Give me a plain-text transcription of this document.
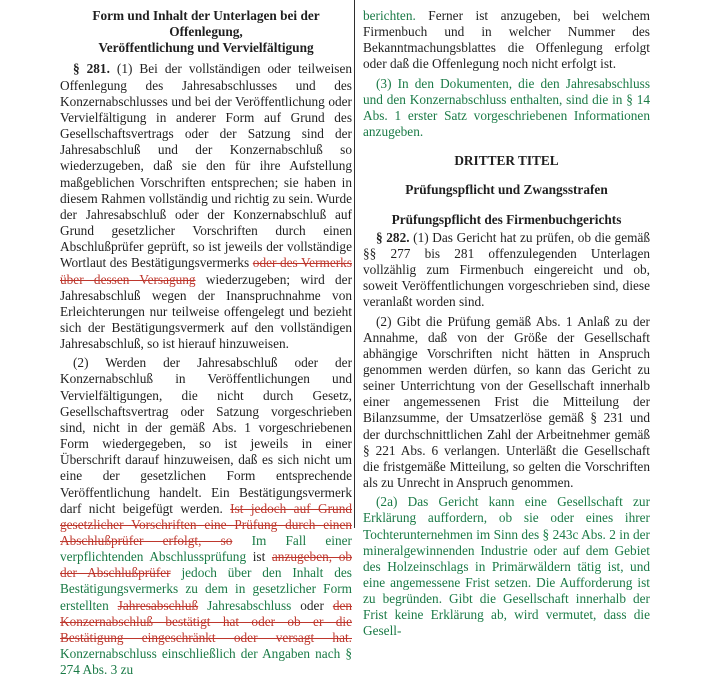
Form und Inhalt der Unterlagen bei der Offenlegung,
Veröffentlichung und Vervielfältigung

§ 281. (1) Bei der vollständigen oder teilweisen Offenlegung des Jahresabschlusses und des Konzernabschlusses und bei der Veröffentlichung oder Vervielfältigung in anderer Form auf Grund des Gesellschaftsvertrags oder der Satzung sind der Jahresabschluß und der Konzernabschluß so wiederzugeben, daß sie den für ihre Aufstellung maßgeblichen Vorschriften entsprechen; sie haben in diesem Rahmen vollständig und richtig zu sein. Wurde der Jahresabschluß oder der Konzernabschluß auf Grund gesetzlicher Vorschriften durch einen Abschlußprüfer geprüft, so ist jeweils der vollständige Wortlaut des Bestätigungsvermerks oder des Vermerks über dessen Versagung wiederzugeben; wird der Jahresabschluß wegen der Inanspruchnahme von Erleichterungen nur teilweise offengelegt und bezieht sich der Bestätigungsvermerk auf den vollständigen Jahresabschluß, so ist hierauf hinzuweisen.

(2) Werden der Jahresabschluß oder der Konzernabschluß in Veröffentlichungen und Vervielfältigungen, die nicht durch Gesetz, Gesellschaftsvertrag oder Satzung vorgeschrieben sind, nicht in der gemäß Abs. 1 vorgeschriebenen Form wiedergegeben, so ist jeweils in einer Überschrift darauf hinzuweisen, daß es sich nicht um eine der gesetzlichen Form entsprechende Veröffentlichung handelt. Ein Bestätigungsvermerk darf nicht beigefügt werden. Ist jedoch auf Grund gesetzlicher Vorschriften eine Prüfung durch einen Abschlußprüfer erfolgt, so Im Fall einer verpflichtenden Abschlussprüfung ist anzugeben, ob der Abschlußprüfer jedoch über den Inhalt des Bestätigungsvermerks zu dem in gesetzlicher Form erstellten Jahresabschluß Jahresabschluss oder den Konzernabschluß bestätigt hat oder ob er die Bestätigung eingeschränkt oder versagt hat. Konzernabschluss einschließlich der Angaben nach § 274 Abs. 3 zu

berichten. Ferner ist anzugeben, bei welchem Firmenbuch und in welcher Nummer des Bekanntmachungsblattes die Offenlegung erfolgt oder daß die Offenlegung noch nicht erfolgt ist.

(3) In den Dokumenten, die den Jahresabschluss und den Konzernabschluss enthalten, sind die in § 14 Abs. 1 erster Satz vorgeschriebenen Informationen anzugeben.

DRITTER TITEL
Prüfungspflicht und Zwangsstrafen
Prüfungspflicht des Firmenbuchgerichts

§ 282. (1) Das Gericht hat zu prüfen, ob die gemäß §§ 277 bis 281 offenzulegenden Unterlagen vollzählig zum Firmenbuch eingereicht und ob, soweit Veröffentlichungen vorgeschrieben sind, diese veranlaßt worden sind.

(2) Gibt die Prüfung gemäß Abs. 1 Anlaß zu der Annahme, daß von der Größe der Gesellschaft abhängige Vorschriften nicht hätten in Anspruch genommen werden dürfen, so kann das Gericht zu seiner Unterrichtung von der Gesellschaft innerhalb einer angemessenen Frist die Mitteilung der Bilanzsumme, der Umsatzerlöse gemäß § 231 und der durchschnittlichen Zahl der Arbeitnehmer gemäß § 221 Abs. 6 verlangen. Unterläßt die Gesellschaft die fristgemäße Mitteilung, so gelten die Vorschriften als zu Unrecht in Anspruch genommen.

(2a) Das Gericht kann eine Gesellschaft zur Erklärung auffordern, ob sie oder eines ihrer Tochterunternehmen im Sinn des § 243c Abs. 2 in der mineralgewinnenden Industrie oder auf dem Gebiet des Holzeinschlags in Primärwäldern tätig ist, und eine angemessene Frist setzen. Die Aufforderung ist zu begründen. Gibt die Gesellschaft innerhalb der Frist keine Erklärung ab, wird vermutet, dass die Gesell-
